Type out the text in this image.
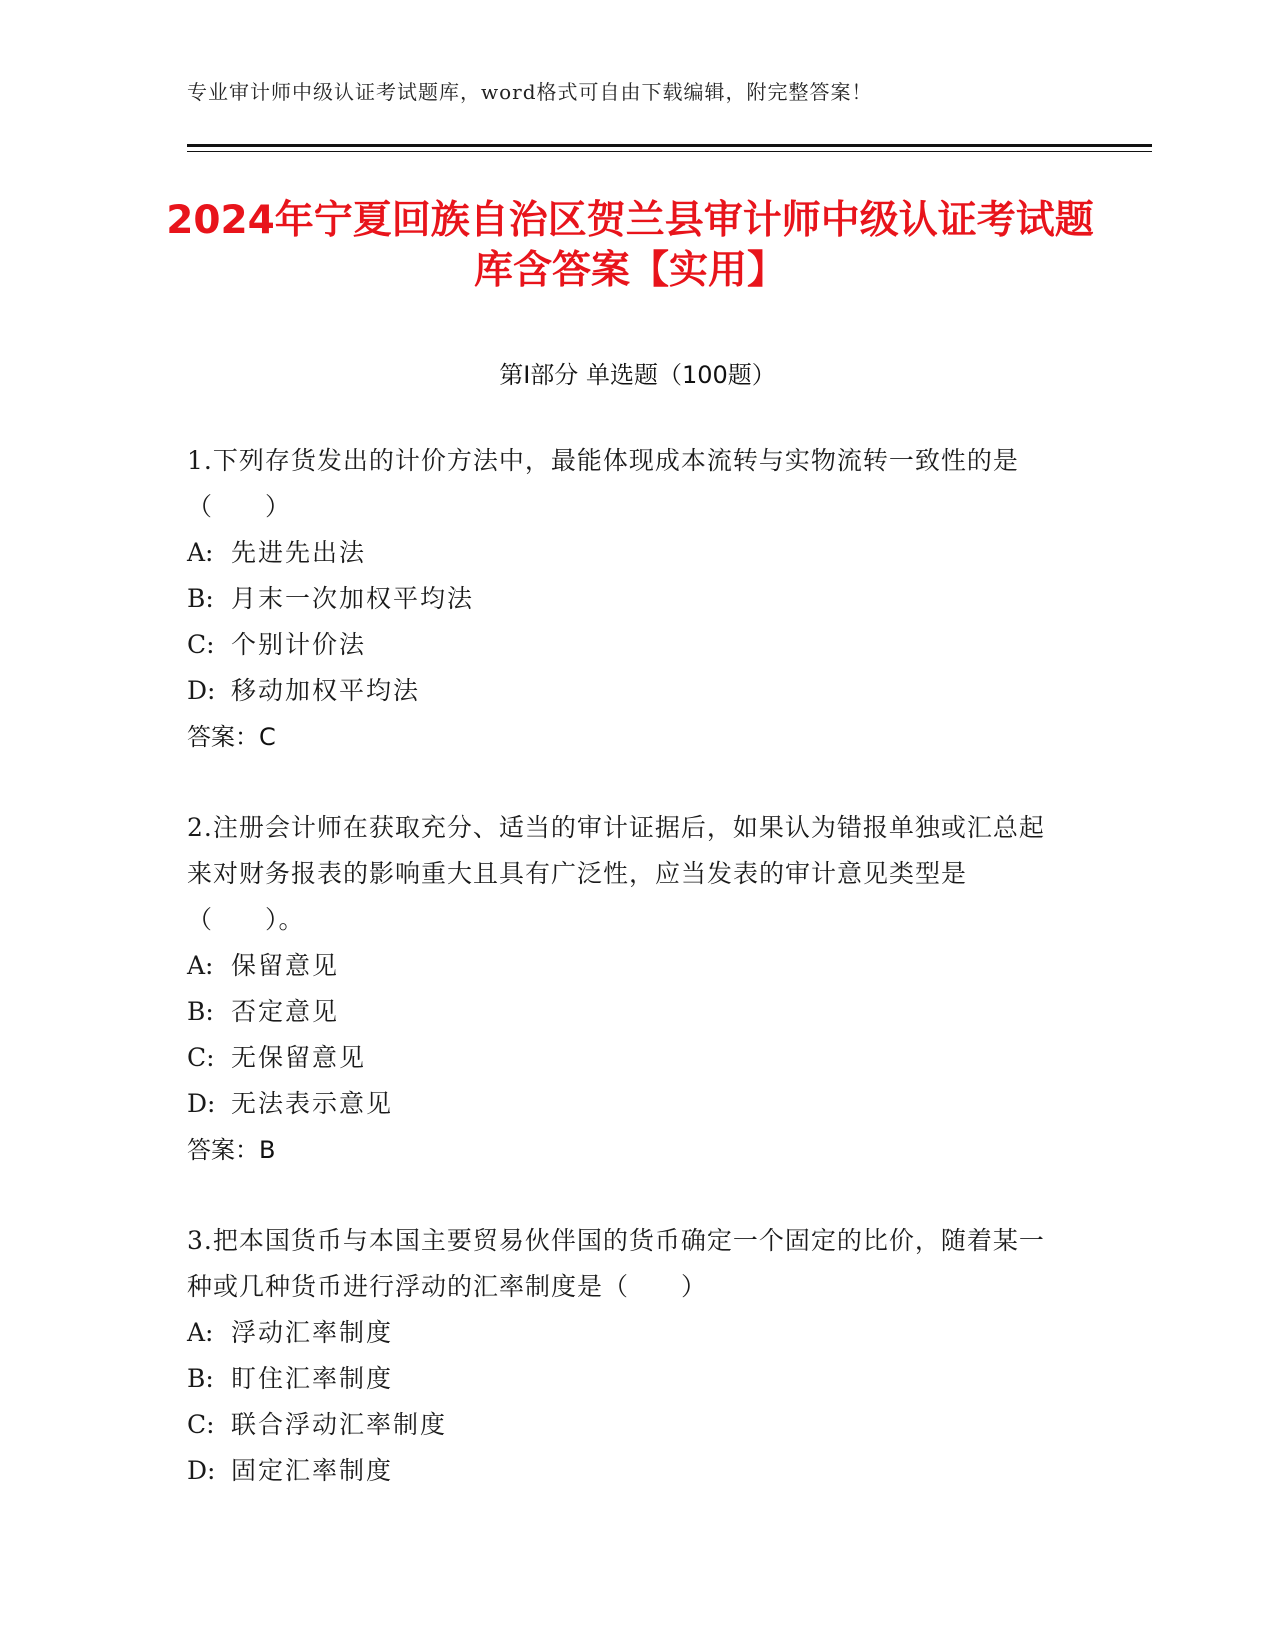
专业审计师中级认证考试题库，word格式可自由下载编辑，附完整答案！
2024年宁夏回族自治区贺兰县审计师中级认证考试题库含答案【实用】
第Ⅰ部分 单选题（100题）

1.下列存货发出的计价方法中，最能体现成本流转与实物流转一致性的是（　　）

A: 先进先出法

B: 月末一次加权平均法

C: 个别计价法

D: 移动加权平均法

答案：C

2.注册会计师在获取充分、适当的审计证据后，如果认为错报单独或汇总起来对财务报表的影响重大且具有广泛性，应当发表的审计意见类型是（　　）。

A: 保留意见

B: 否定意见

C: 无保留意见

D: 无法表示意见

答案：B

3.把本国货币与本国主要贸易伙伴国的货币确定一个固定的比价，随着某一种或几种货币进行浮动的汇率制度是（　　）

A: 浮动汇率制度

B: 盯住汇率制度

C: 联合浮动汇率制度

D: 固定汇率制度
